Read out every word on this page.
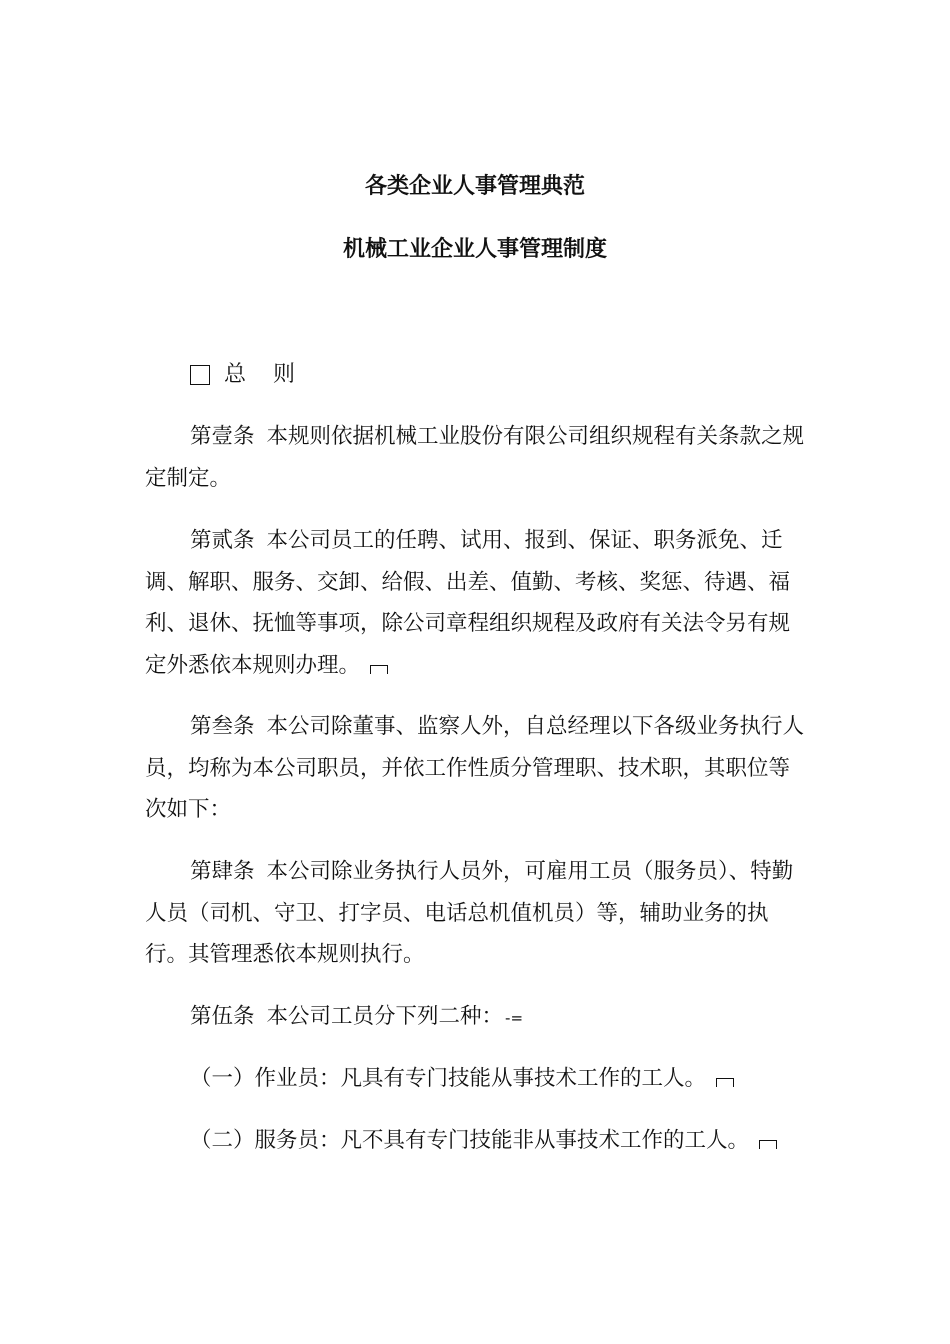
各类企业人事管理典范
机械工业企业人事管理制度
总 则

第壹条 本规则依据机械工业股份有限公司组织规程有关条款之规定制定。

第贰条 本公司员工的任聘、试用、报到、保证、职务派免、迁调、解职、服务、交卸、给假、出差、值勤、考核、奖惩、待遇、福利、退休、抚恤等事项，除公司章程组织规程及政府有关法令另有规定外悉依本规则办理。

第叁条 本公司除董事、监察人外，自总经理以下各级业务执行人员，均称为本公司职员，并依工作性质分管理职、技术职，其职位等次如下：

第肆条 本公司除业务执行人员外，可雇用工员（服务员）、特勤人员（司机、守卫、打字员、电话总机值机员）等，辅助业务的执行。其管理悉依本规则执行。

第伍条 本公司工员分下列二种： -=

（一）作业员：凡具有专门技能从事技术工作的工人。

（二）服务员：凡不具有专门技能非从事技术工作的工人。
